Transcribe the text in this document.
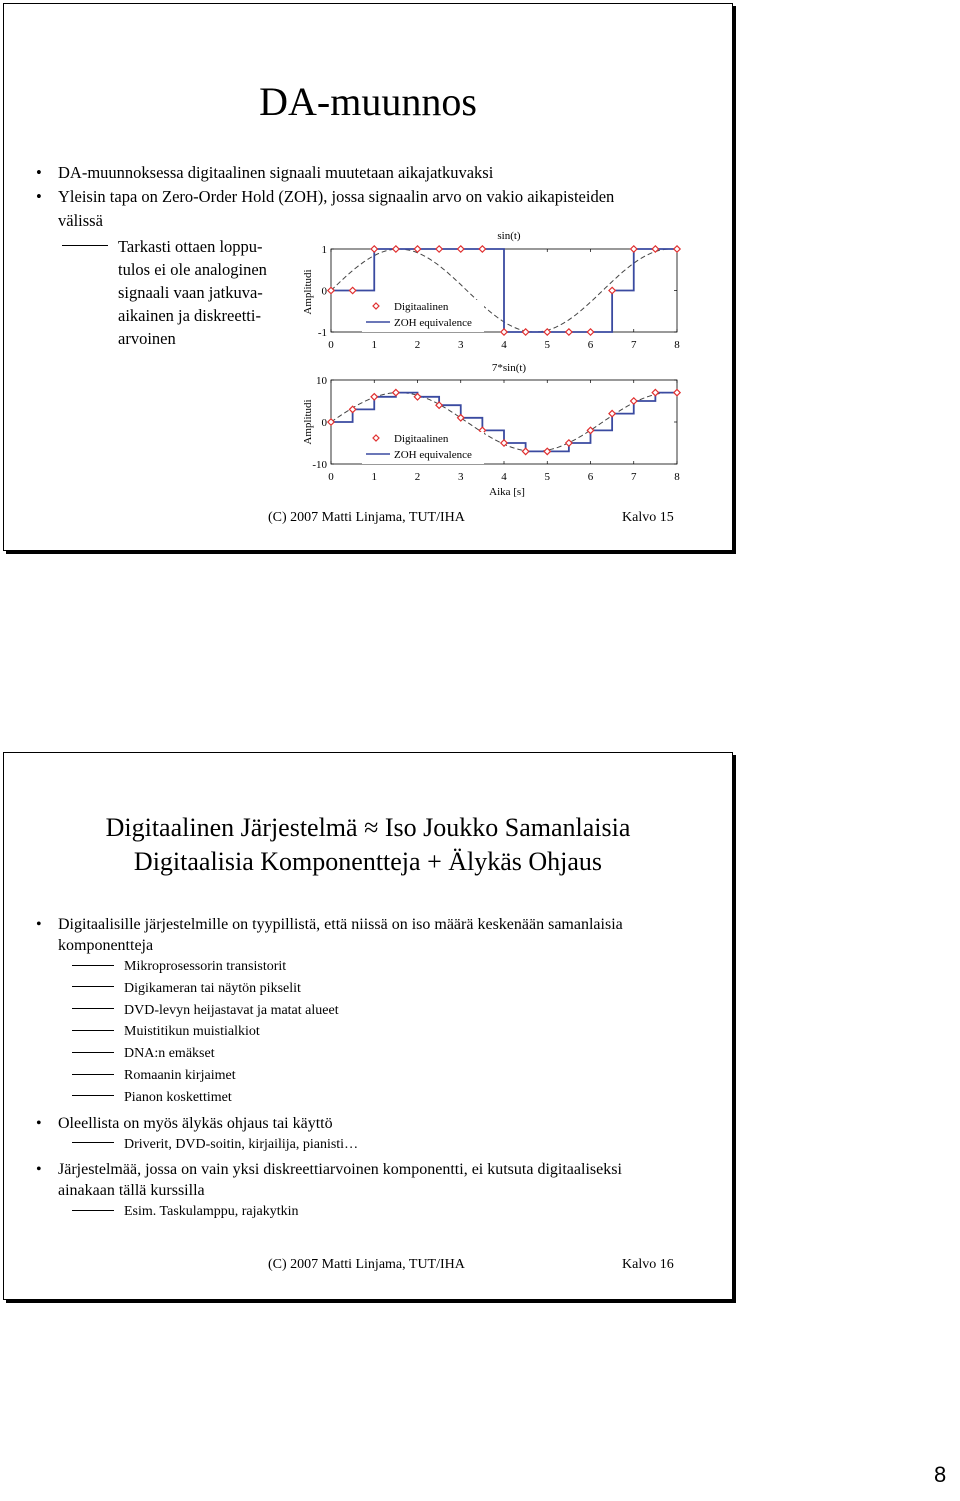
DA-muunnos
• DA-muunnoksessa digitaalinen signaali muutetaan aikajatkuvaksi
• Yleisin tapa on Zero-Order Hold (ZOH), jossa signaalin arvo on vakio aikapisteiden välissä
Tarkasti ottaen loppu-
tulos ei ole analoginen
signaali vaan jatkuva-
aikainen ja diskreetti-
arvoinen	0	1	2	3	4	5	6	7	8
-1
0
1
sin(t)
Amplitudi	Digitaalinen
ZOH equivalence
0	1	2	3	4	5	6	7	8
-10
0
10
7*sin(t)
Amplitudi
Aika [s]
Digitaalinen
ZOH equivalence
(C) 2007 Matti Linjama, TUT/IHA	Kalvo 15
Digitaalinen Järjestelmä ≈ Iso Joukko Samanlaisia
Digitaalisia Komponentteja + Älykäs Ohjaus
• Digitaalisille järjestelmille on tyypillistä, että niissä on iso määrä keskenään samanlaisia komponentteja
Mikroprosessorin transistorit
Digikameran tai näytön pikselit
DVD-levyn heijastavat ja matat alueet
Muistitikun muistialkiot
DNA:n emäkset
Romaanin kirjaimet
Pianon koskettimet
• Oleellista on myös älykäs ohjaus tai käyttö
Driverit, DVD-soitin, kirjailija, pianisti…
• Järjestelmää, jossa on vain yksi diskreettiarvoinen komponentti, ei kutsuta digitaaliseksi ainakaan tällä kurssilla
Esim. Taskulamppu, rajakytkin
(C) 2007 Matti Linjama, TUT/IHA	Kalvo 16
8
